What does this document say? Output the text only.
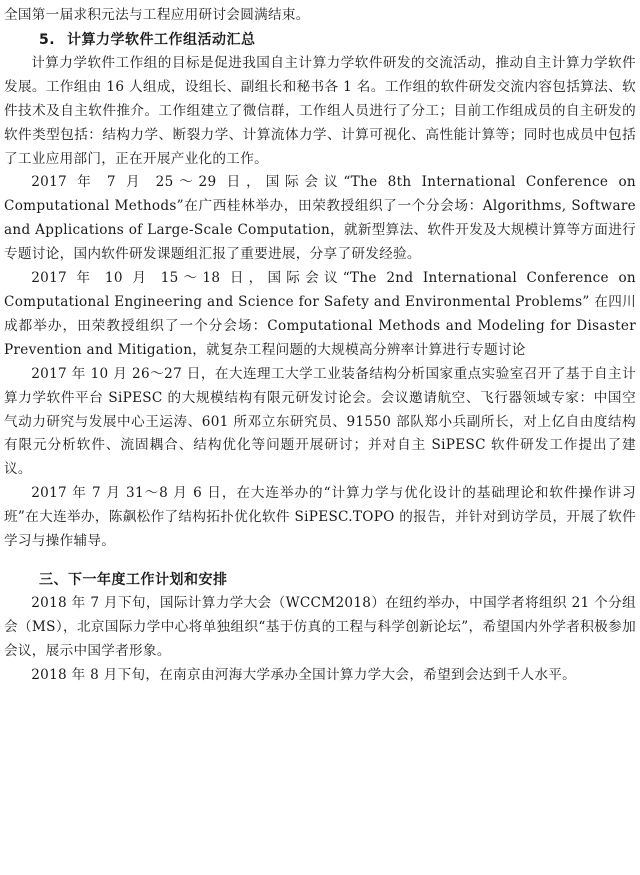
全国第一届求积元法与工程应用研讨会圆满结束。

5. 计算力学软件工作组活动汇总

计算力学软件工作组的目标是促进我国自主计算力学软件研发的交流活动，推动自主计算力学软件发展。工作组由 16 人组成，设组长、副组长和秘书各 1 名。工作组的软件研发交流内容包括算法、软件技术及自主软件推介。工作组建立了微信群，工作组人员进行了分工；目前工作组成员的自主研发的软件类型包括：结构力学、断裂力学、计算流体力学、计算可视化、高性能计算等；同时也成员中包括了工业应用部门，正在开展产业化的工作。

2017 年 7 月 25～29 日，国际会议“The 8th International Conference on Computational Methods”在广西桂林举办，田荣教授组织了一个分会场：Algorithms, Software and Applications of Large-Scale Computation，就新型算法、软件开发及大规模计算等方面进行专题讨论，国内软件研发课题组汇报了重要进展，分享了研发经验。

2017 年 10 月 15～18 日，国际会议“The 2nd International Conference on Computational Engineering and Science for Safety and Environmental Problems” 在四川成都举办，田荣教授组织了一个分会场：Computational Methods and Modeling for Disaster Prevention and Mitigation，就复杂工程问题的大规模高分辨率计算进行专题讨论

2017 年 10 月 26～27 日，在大连理工大学工业装备结构分析国家重点实验室召开了基于自主计算力学软件平台 SiPESC 的大规模结构有限元研发讨论会。会议邀请航空、飞行器领域专家：中国空气动力研究与发展中心王运涛、601 所邓立东研究员、91550 部队郑小兵副所长，对上亿自由度结构有限元分析软件、流固耦合、结构优化等问题开展研讨；并对自主 SiPESC 软件研发工作提出了建议。

2017 年 7 月 31～8 月 6 日，在大连举办的“计算力学与优化设计的基础理论和软件操作讲习班”在大连举办，陈飙松作了结构拓扑优化软件 SiPESC.TOPO 的报告，并针对到访学员，开展了软件学习与操作辅导。

三、下一年度工作计划和安排

2018 年 7 月下旬，国际计算力学大会（WCCM2018）在纽约举办，中国学者将组织 21 个分组会（MS），北京国际力学中心将单独组织“基于仿真的工程与科学创新论坛”，希望国内外学者积极参加会议，展示中国学者形象。

2018 年 8 月下旬，在南京由河海大学承办全国计算力学大会，希望到会达到千人水平。
